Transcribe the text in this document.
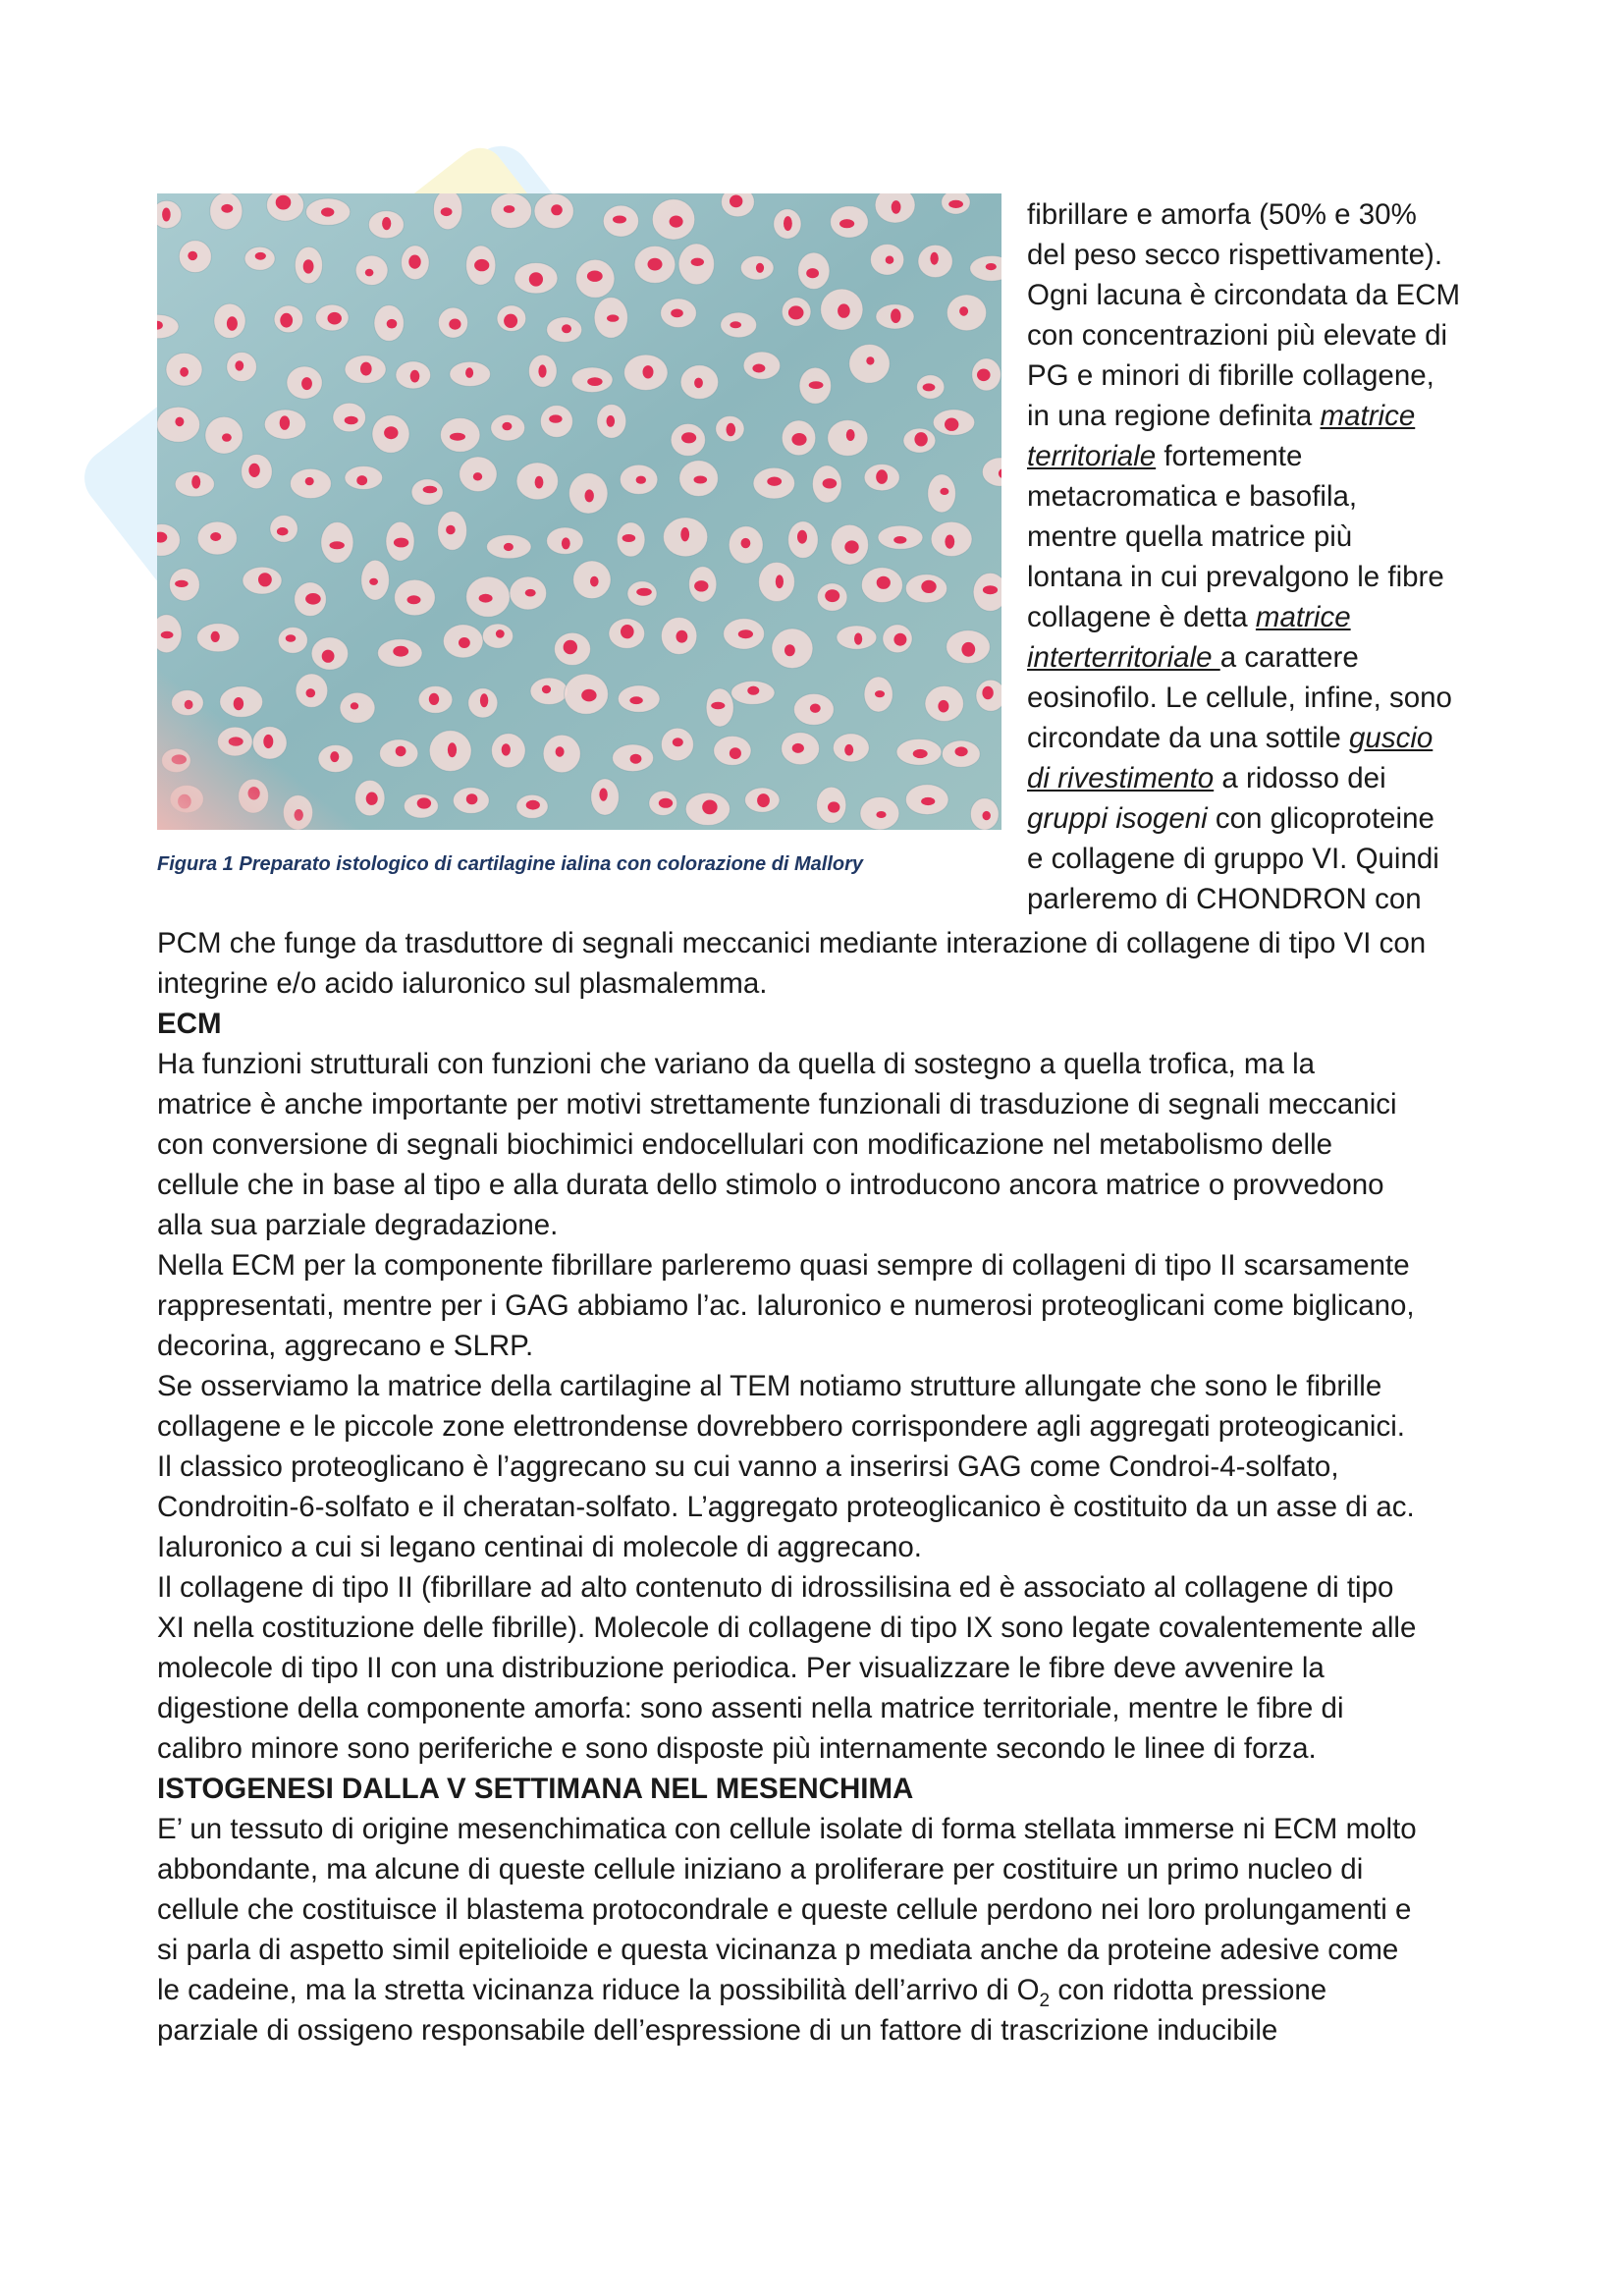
Figura 1 Preparato istologico di cartilagine ialina con colorazione di Mallory
fibrillare e amorfa (50% e 30%
del peso secco rispettivamente).
Ogni lacuna è circondata da ECM
con concentrazioni più elevate di
PG e minori di fibrille collagene,
in una regione definita matrice
territoriale fortemente
metacromatica e basofila,
mentre quella matrice più
lontana in cui prevalgono le fibre
collagene è detta matrice
interterritoriale a carattere
eosinofilo. Le cellule, infine, sono
circondate da una sottile guscio
di rivestimento a ridosso dei
gruppi isogeni con glicoproteine
e collagene di gruppo VI. Quindi
parleremo di CHONDRON con
PCM che funge da trasduttore di segnali meccanici mediante interazione di collagene di tipo VI con
integrine e/o acido ialuronico sul plasmalemma.
ECM
Ha funzioni strutturali con funzioni che variano da quella di sostegno a quella trofica, ma la
matrice è anche importante per motivi strettamente funzionali di trasduzione di segnali meccanici
con conversione di segnali biochimici endocellulari con modificazione nel metabolismo delle
cellule che in base al tipo e alla durata dello stimolo o introducono ancora matrice o provvedono
alla sua parziale degradazione.
Nella ECM per la componente fibrillare parleremo quasi sempre di collageni di tipo II scarsamente
rappresentati, mentre per i GAG abbiamo l’ac. Ialuronico e numerosi proteoglicani come biglicano,
decorina, aggrecano e SLRP.
Se osserviamo la matrice della cartilagine al TEM notiamo strutture allungate che sono le fibrille
collagene e le piccole zone elettrondense dovrebbero corrispondere agli aggregati proteogicanici.
Il classico proteoglicano è l’aggrecano su cui vanno a inserirsi GAG come Condroi-4-solfato,
Condroitin-6-solfato e il cheratan-solfato. L’aggregato proteoglicanico è costituito da un asse di ac.
Ialuronico a cui si legano centinai di molecole di aggrecano.
Il collagene di tipo II (fibrillare ad alto contenuto di idrossilisina ed è associato al collagene di tipo
XI nella costituzione delle fibrille). Molecole di collagene di tipo IX sono legate covalentemente alle
molecole di tipo II con una distribuzione periodica. Per visualizzare le fibre deve avvenire la
digestione della componente amorfa: sono assenti nella matrice territoriale, mentre le fibre di
calibro minore sono periferiche e sono disposte più internamente secondo le linee di forza.
ISTOGENESI DALLA V SETTIMANA NEL MESENCHIMA
E’ un tessuto di origine mesenchimatica con cellule isolate di forma stellata immerse ni ECM molto
abbondante, ma alcune di queste cellule iniziano a proliferare per costituire un primo nucleo di
cellule che costituisce il blastema protocondrale e queste cellule perdono nei loro prolungamenti e
si parla di aspetto simil epitelioide e questa vicinanza p mediata anche da proteine adesive come
le cadeine, ma la stretta vicinanza riduce la possibilità dell’arrivo di $O_2$ con ridotta pressione
parziale di ossigeno responsabile dell’espressione di un fattore di trascrizione inducibile
